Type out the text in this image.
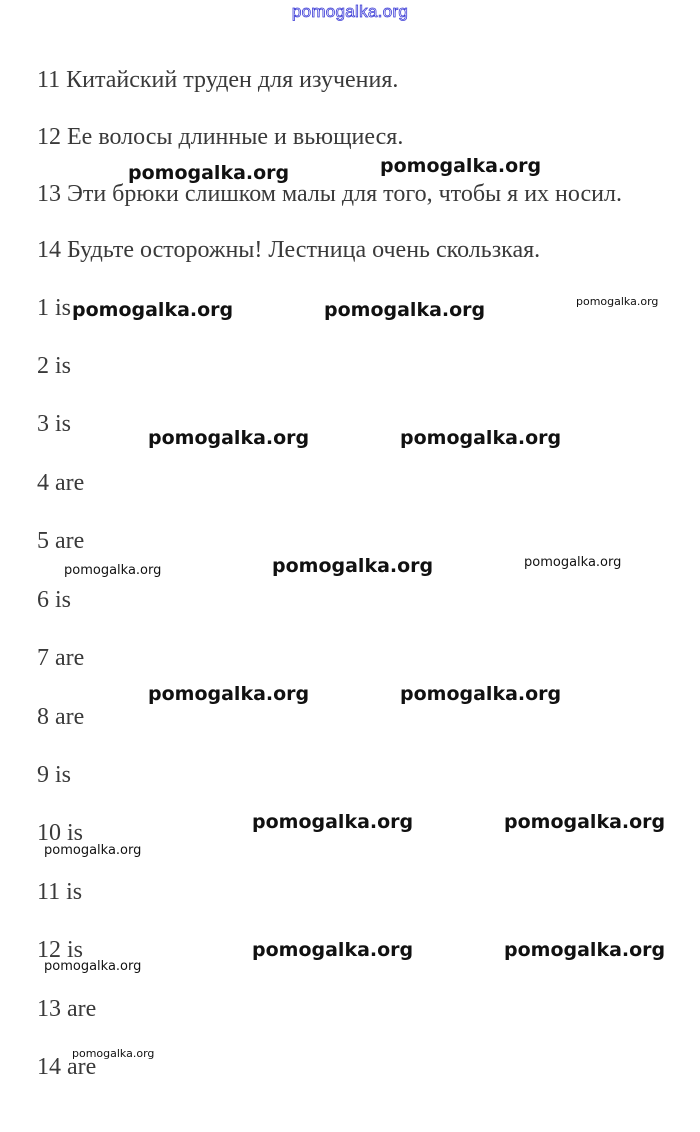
pomogalka.org
11 Китайский труден для изучения.
12 Ее волосы длинные и вьющиеся.
13 Эти брюки слишком малы для того, чтобы я их носил.
14 Будьте осторожны! Лестница очень скользкая.
1 is
2 is
3 is
4 are
5 are
6 is
7 are
8 are
9 is
10 is
11 is
12 is
13 are
14 are
pomogalka.org	pomogalka.org
pomogalka.org	pomogalka.org	pomogalka.org
pomogalka.org	pomogalka.org
pomogalka.org	pomogalka.org	pomogalka.org
pomogalka.org	pomogalka.org
pomogalka.org	pomogalka.org
pomogalka.org
pomogalka.org	pomogalka.org
pomogalka.org
pomogalka.org
